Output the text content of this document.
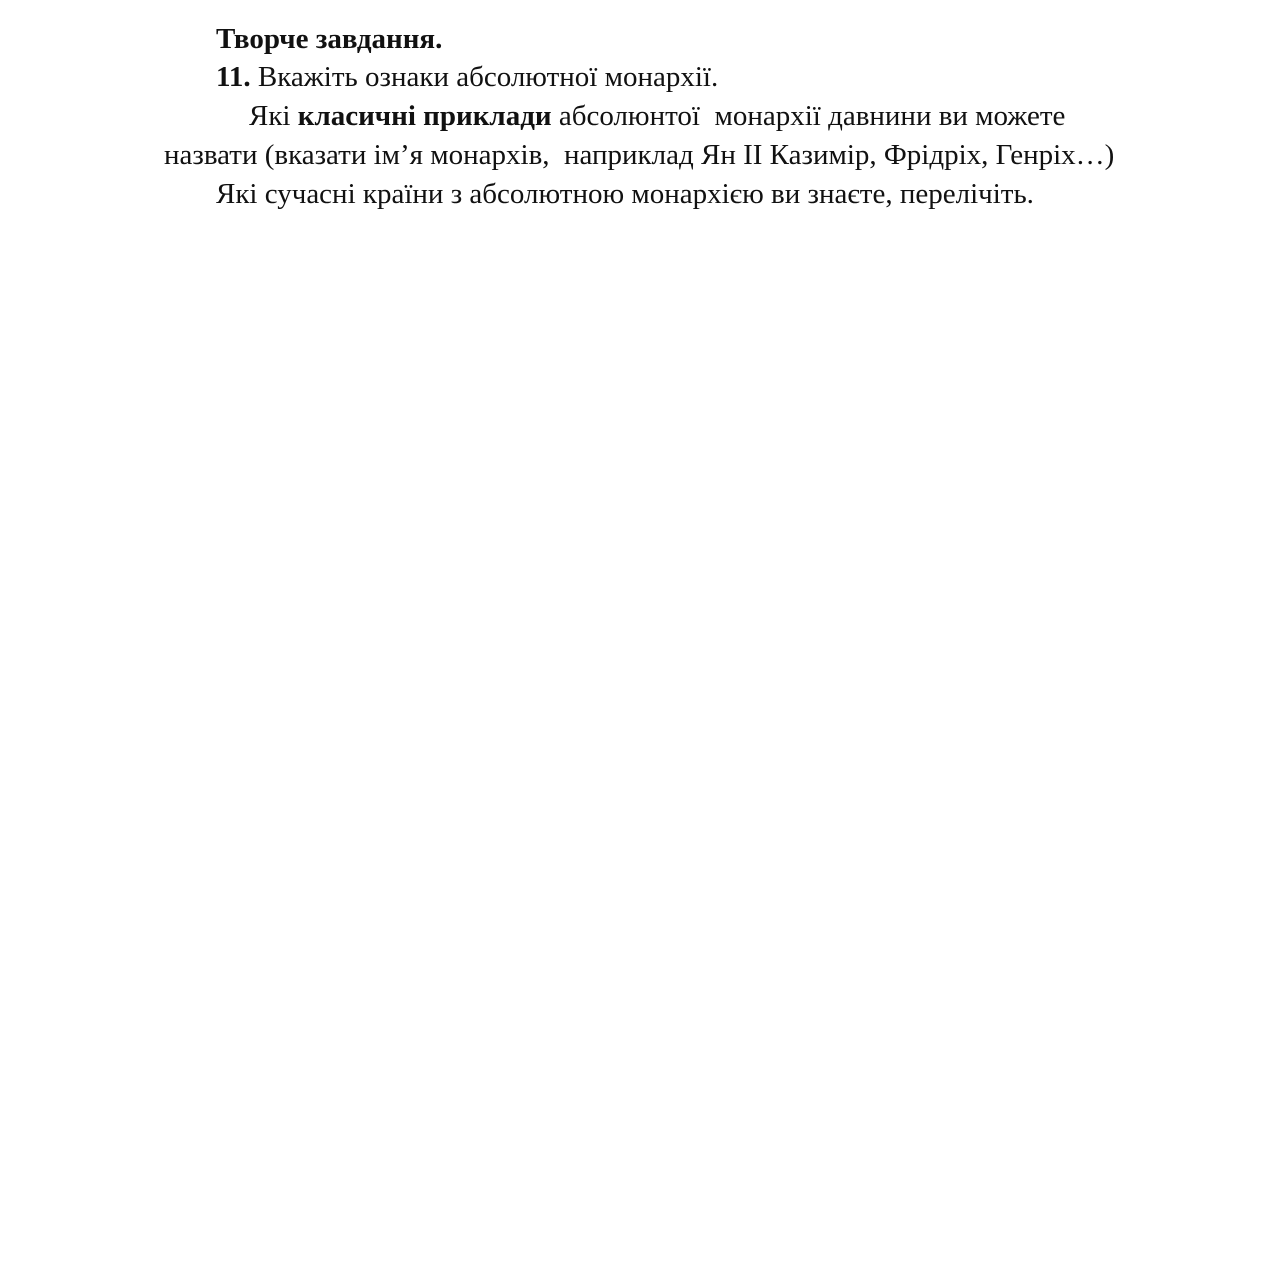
Творче завдання.
11. Вкажіть ознаки абсолютної монархії.
Які класичні приклади абсолюнтої  монархії давнини ви можете
назвати (вказати ім’я монархів,  наприклад Ян ІІ Казимір, Фрідріх, Генріх…)
Які сучасні країни з абсолютною монархією ви знаєте, перелічіть.
